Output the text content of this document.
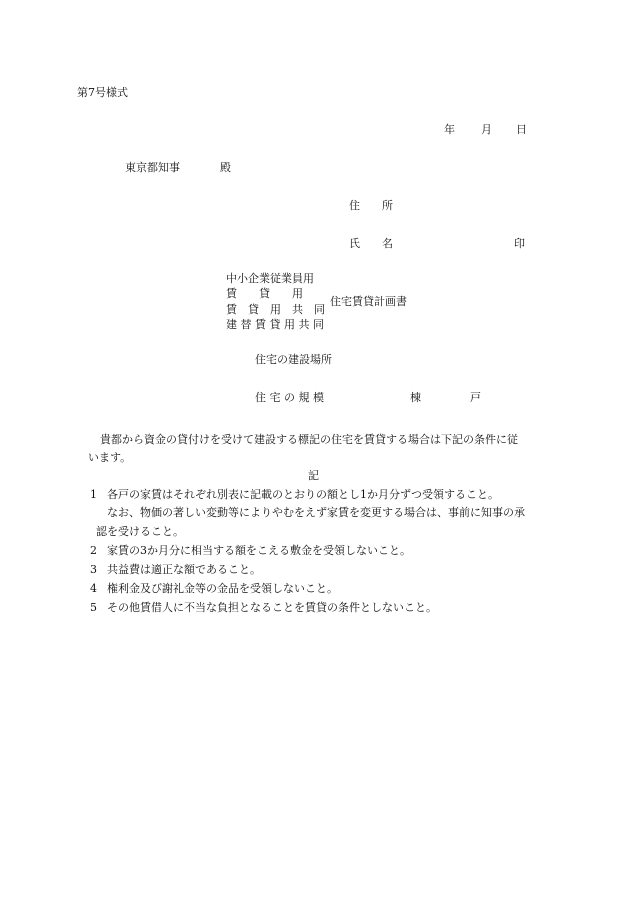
第7号様式
年 月 日
東京都知事	殿
住　　所
氏　　名	印
中小企業従業員用
賃　　貸　　用
賃　貸　用　共　同
建 替 賃 貸 用 共 同
住宅賃貸計画書
住宅の建設場所
住 宅 の 規 模	棟	戸
貴都から資金の貸付けを受けて建設する標記の住宅を賃貸する場合は下記の条件に従
います。
記
1 各戸の家賃はそれぞれ別表に記載のとおりの額とし1か月分ずつ受領すること。
なお、物価の著しい変動等によりやむをえず家賃を変更する場合は、事前に知事の承
認を受けること。
2 家賃の3か月分に相当する額をこえる敷金を受領しないこと。
3 共益費は適正な額であること。
4 権利金及び謝礼金等の金品を受領しないこと。
5 その他賃借人に不当な負担となることを賃貸の条件としないこと。
